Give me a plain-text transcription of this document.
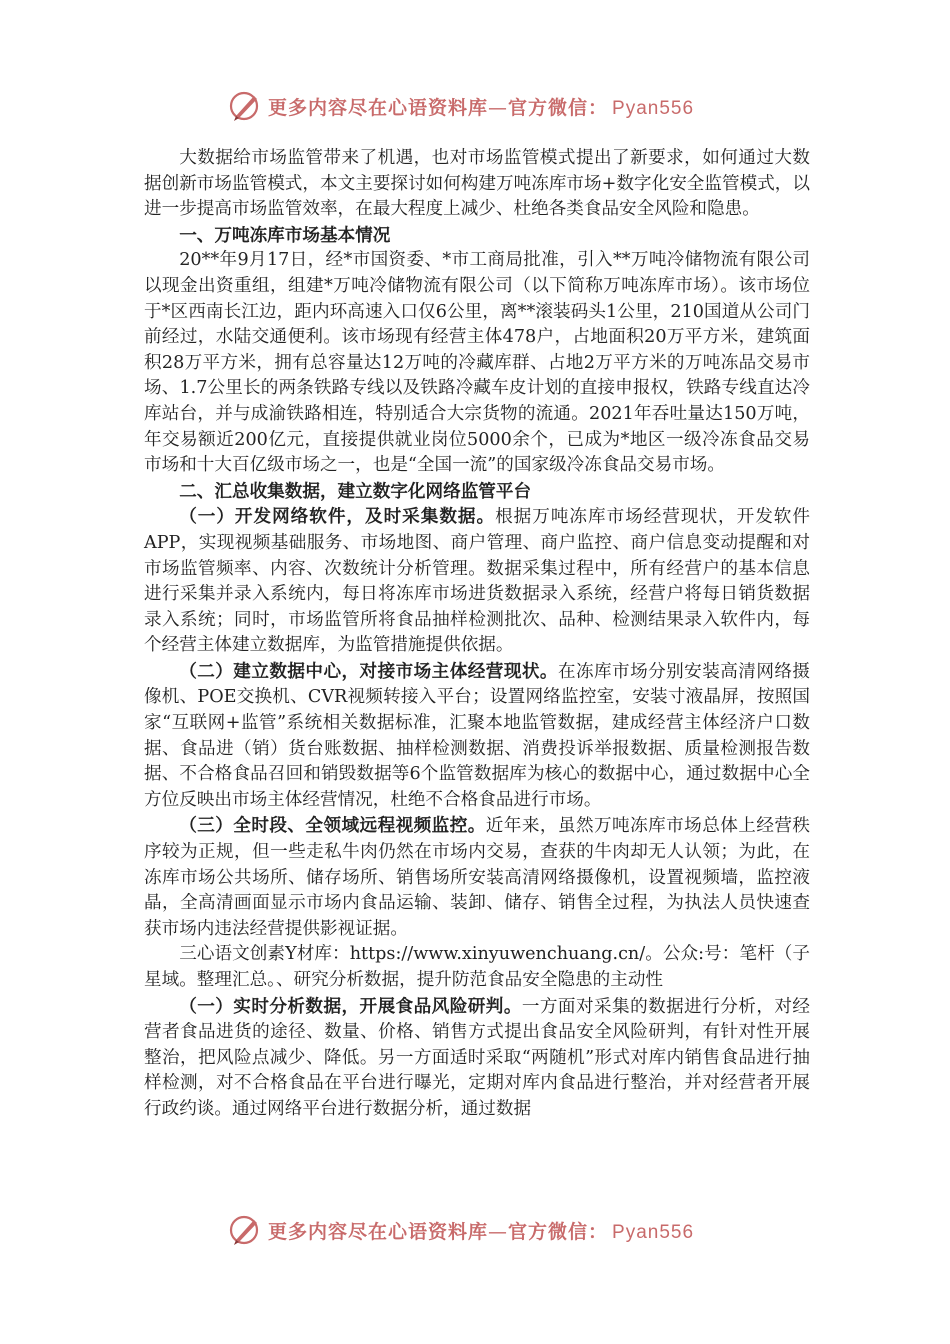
更多内容尽在心语资料库—官方微信： Pyan556

大数据给市场监管带来了机遇，也对市场监管模式提出了新要求，如何通过大数据创新市场监管模式，本文主要探讨如何构建万吨冻库市场+数字化安全监管模式，以进一步提高市场监管效率，在最大程度上减少、杜绝各类食品安全风险和隐患。

一、万吨冻库市场基本情况

20**年9月17日，经*市国资委、*市工商局批准，引入**万吨冷储物流有限公司以现金出资重组，组建*万吨冷储物流有限公司（以下简称万吨冻库市场）。该市场位于*区西南长江边，距内环高速入口仅6公里，离**滚装码头1公里，210国道从公司门前经过，水陆交通便利。该市场现有经营主体478户，占地面积20万平方米，建筑面积28万平方米，拥有总容量达12万吨的冷藏库群、占地2万平方米的万吨冻品交易市场、1.7公里长的两条铁路专线以及铁路冷藏车皮计划的直接申报权，铁路专线直达冷库站台，并与成渝铁路相连，特别适合大宗货物的流通。2021年吞吐量达150万吨，年交易额近200亿元，直接提供就业岗位5000余个，已成为*地区一级冷冻食品交易市场和十大百亿级市场之一，也是“全国一流”的国家级冷冻食品交易市场。

二、汇总收集数据，建立数字化网络监管平台

（一）开发网络软件，及时采集数据。根据万吨冻库市场经营现状，开发软件APP，实现视频基础服务、市场地图、商户管理、商户监控、商户信息变动提醒和对市场监管频率、内容、次数统计分析管理。数据采集过程中，所有经营户的基本信息进行采集并录入系统内，每日将冻库市场进货数据录入系统，经营户将每日销货数据录入系统；同时，市场监管所将食品抽样检测批次、品种、检测结果录入软件内，每个经营主体建立数据库，为监管措施提供依据。

（二）建立数据中心，对接市场主体经营现状。在冻库市场分别安装高清网络摄像机、POE交换机、CVR视频转接入平台；设置网络监控室，安装寸液晶屏，按照国家“互联网+监管”系统相关数据标准，汇聚本地监管数据，建成经营主体经济户口数据、食品进（销）货台账数据、抽样检测数据、消费投诉举报数据、质量检测报告数据、不合格食品召回和销毁数据等6个监管数据库为核心的数据中心，通过数据中心全方位反映出市场主体经营情况，杜绝不合格食品进行市场。

（三）全时段、全领域远程视频监控。近年来，虽然万吨冻库市场总体上经营秩序较为正规，但一些走私牛肉仍然在市场内交易，查获的牛肉却无人认领；为此，在冻库市场公共场所、储存场所、销售场所安装高清网络摄像机，设置视频墙，监控液晶，全高清画面显示市场内食品运输、装卸、储存、销售全过程，为执法人员快速查获市场内违法经营提供影视证据。

三心语文创素Y材库：https://www.xinyuwenchuang.cn/。公众:号：笔杆（子星域。整理汇总。、研究分析数据，提升防范食品安全隐患的主动性

（一）实时分析数据，开展食品风险研判。一方面对采集的数据进行分析，对经营者食品进货的途径、数量、价格、销售方式提出食品安全风险研判，有针对性开展整治，把风险点减少、降低。另一方面适时采取“两随机”形式对库内销售食品进行抽样检测，对不合格食品在平台进行曝光，定期对库内食品进行整治，并对经营者开展行政约谈。通过网络平台进行数据分析，通过数据

更多内容尽在心语资料库—官方微信： Pyan556
